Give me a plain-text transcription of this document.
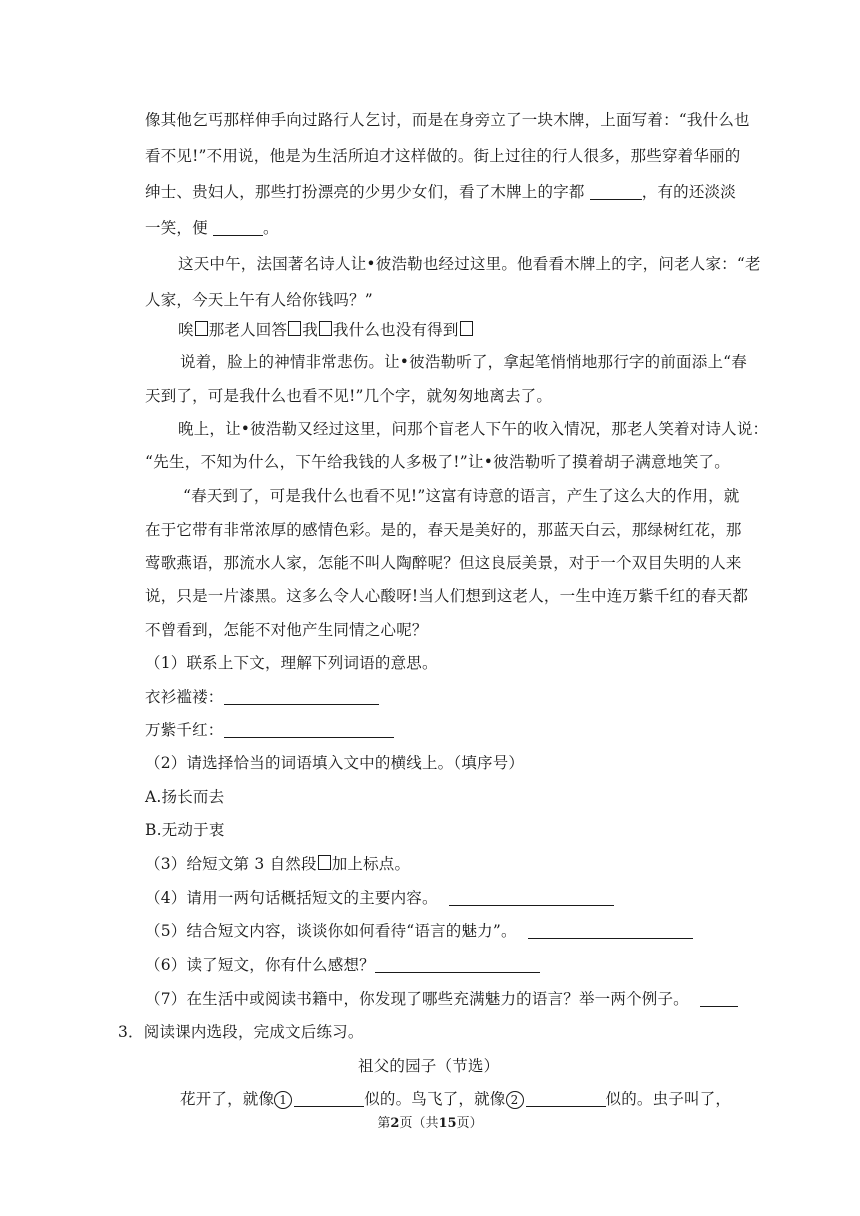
像其他乞丐那样伸手向过路行人乞讨，而是在身旁立了一块木牌，上面写着：“我什么也
看不见!”不用说，他是为生活所迫才这样做的。街上过往的行人很多，那些穿着华丽的
绅士、贵妇人，那些打扮漂亮的少男少女们，看了木牌上的字都	，有的还淡淡
一笑，便	。
这天中午，法国著名诗人让•彼浩勒也经过这里。他看看木牌上的字，问老人家：“老
人家，今天上午有人给你钱吗？”
唉 那老人回答 我 我什么也没有得到
说着，脸上的神情非常悲伤。让•彼浩勒听了，拿起笔悄悄地那行字的前面添上“春
天到了，可是我什么也看不见!”几个字，就匆匆地离去了。
晚上，让•彼浩勒又经过这里，问那个盲老人下午的收入情况，那老人笑着对诗人说：
“先生，不知为什么，下午给我钱的人多极了!”让•彼浩勒听了摸着胡子满意地笑了。
“春天到了，可是我什么也看不见!”这富有诗意的语言，产生了这么大的作用，就
在于它带有非常浓厚的感情色彩。是的，春天是美好的，那蓝天白云，那绿树红花，那
莺歌燕语，那流水人家，怎能不叫人陶醉呢？但这良辰美景，对于一个双目失明的人来
说，只是一片漆黑。这多么令人心酸呀!当人们想到这老人，一生中连万紫千红的春天都
不曾看到，怎能不对他产生同情之心呢？
（1）联系上下文，理解下列词语的意思。
衣衫褴褛：
万紫千红：
（2）请选择恰当的词语填入文中的横线上。（填序号）
A.扬长而去
B.无动于衷
（3）给短文第 3 自然段 加上标点。
（4）请用一两句话概括短文的主要内容。
（5）结合短文内容，谈谈你如何看待“语言的魅力”。
（6）读了短文，你有什么感想？
（7）在生活中或阅读书籍中，你发现了哪些充满魅力的语言？举一两个例子。
3．阅读课内选段，完成文后练习。
祖父的园子（节选）
花开了，就像 1	似的。鸟飞了，就像 2	似的。虫子叫了，
第2页（共15页）
